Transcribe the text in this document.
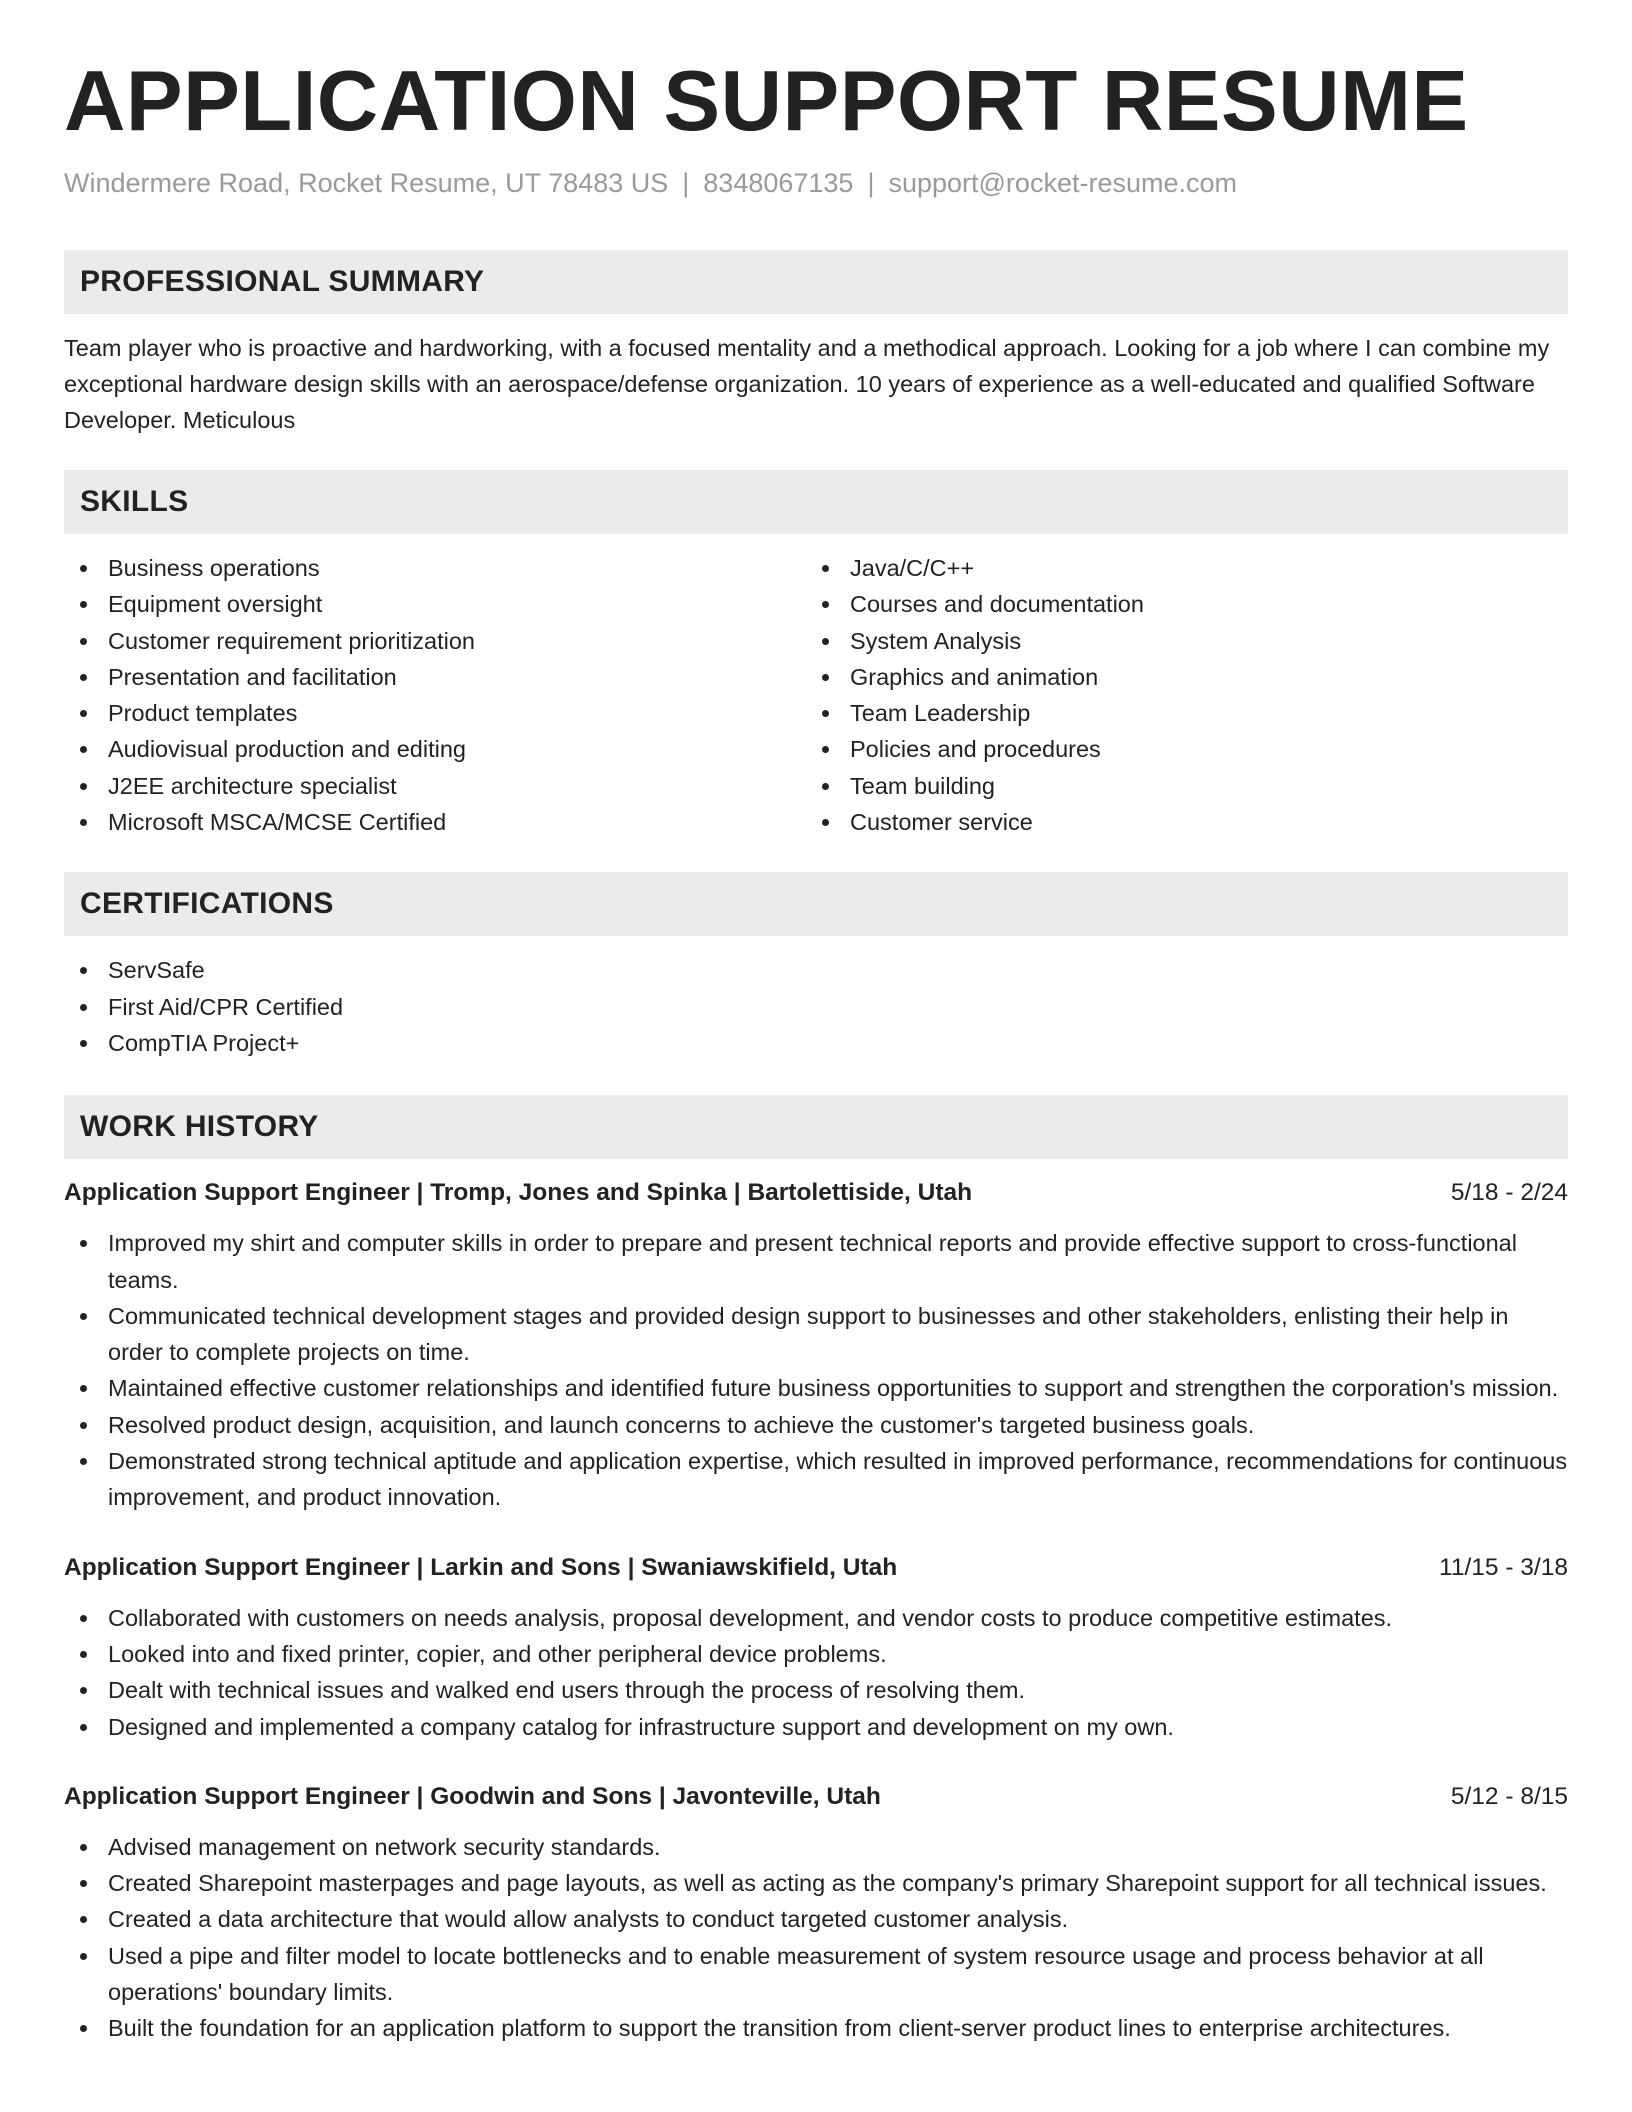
APPLICATION SUPPORT RESUME
Windermere Road, Rocket Resume, UT 78483 US | 8348067135 | support@rocket-resume.com
PROFESSIONAL SUMMARY

Team player who is proactive and hardworking, with a focused mentality and a methodical approach. Looking for a job where I can combine my exceptional hardware design skills with an aerospace/defense organization. 10 years of experience as a well-educated and qualified Software Developer. Meticulous

SKILLS
Business operations
Equipment oversight
Customer requirement prioritization
Presentation and facilitation
Product templates
Audiovisual production and editing
J2EE architecture specialist
Microsoft MSCA/MCSE Certified
Java/C/C++
Courses and documentation
System Analysis
Graphics and animation
Team Leadership
Policies and procedures
Team building
Customer service
CERTIFICATIONS
ServSafe
First Aid/CPR Certified
CompTIA Project+
WORK HISTORY
Application Support Engineer | Tromp, Jones and Spinka | Bartolettiside, Utah	5/18 - 2/24
Improved my shirt and computer skills in order to prepare and present technical reports and provide effective support to cross-functional teams.
Communicated technical development stages and provided design support to businesses and other stakeholders, enlisting their help in order to complete projects on time.
Maintained effective customer relationships and identified future business opportunities to support and strengthen the corporation's mission.
Resolved product design, acquisition, and launch concerns to achieve the customer's targeted business goals.
Demonstrated strong technical aptitude and application expertise, which resulted in improved performance, recommendations for continuous improvement, and product innovation.
Application Support Engineer | Larkin and Sons | Swaniawskifield, Utah	11/15 - 3/18
Collaborated with customers on needs analysis, proposal development, and vendor costs to produce competitive estimates.
Looked into and fixed printer, copier, and other peripheral device problems.
Dealt with technical issues and walked end users through the process of resolving them.
Designed and implemented a company catalog for infrastructure support and development on my own.
Application Support Engineer | Goodwin and Sons | Javonteville, Utah	5/12 - 8/15
Advised management on network security standards.
Created Sharepoint masterpages and page layouts, as well as acting as the company's primary Sharepoint support for all technical issues.
Created a data architecture that would allow analysts to conduct targeted customer analysis.
Used a pipe and filter model to locate bottlenecks and to enable measurement of system resource usage and process behavior at all operations' boundary limits.
Built the foundation for an application platform to support the transition from client-server product lines to enterprise architectures.
